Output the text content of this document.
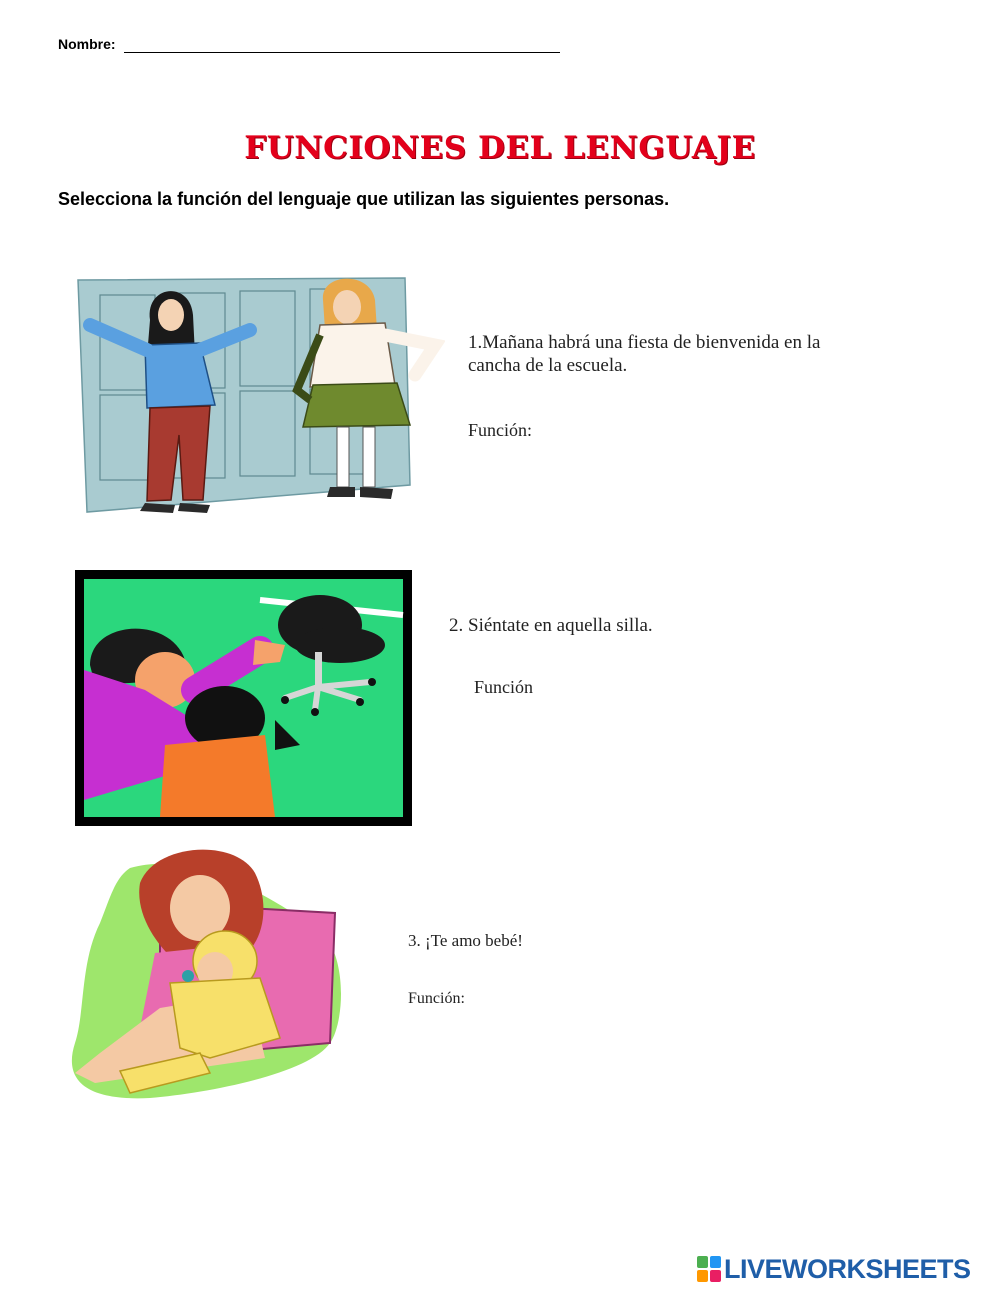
Nombre:
FUNCIONES DEL LENGUAJE
Selecciona la función del lenguaje que utilizan las siguientes personas.
1.Mañana habrá una fiesta de bienvenida en la
cancha de la escuela.
Función:
2. Siéntate en aquella silla.
Función
3. ¡Te amo bebé!
Función:
LIVEWORKSHEETS
